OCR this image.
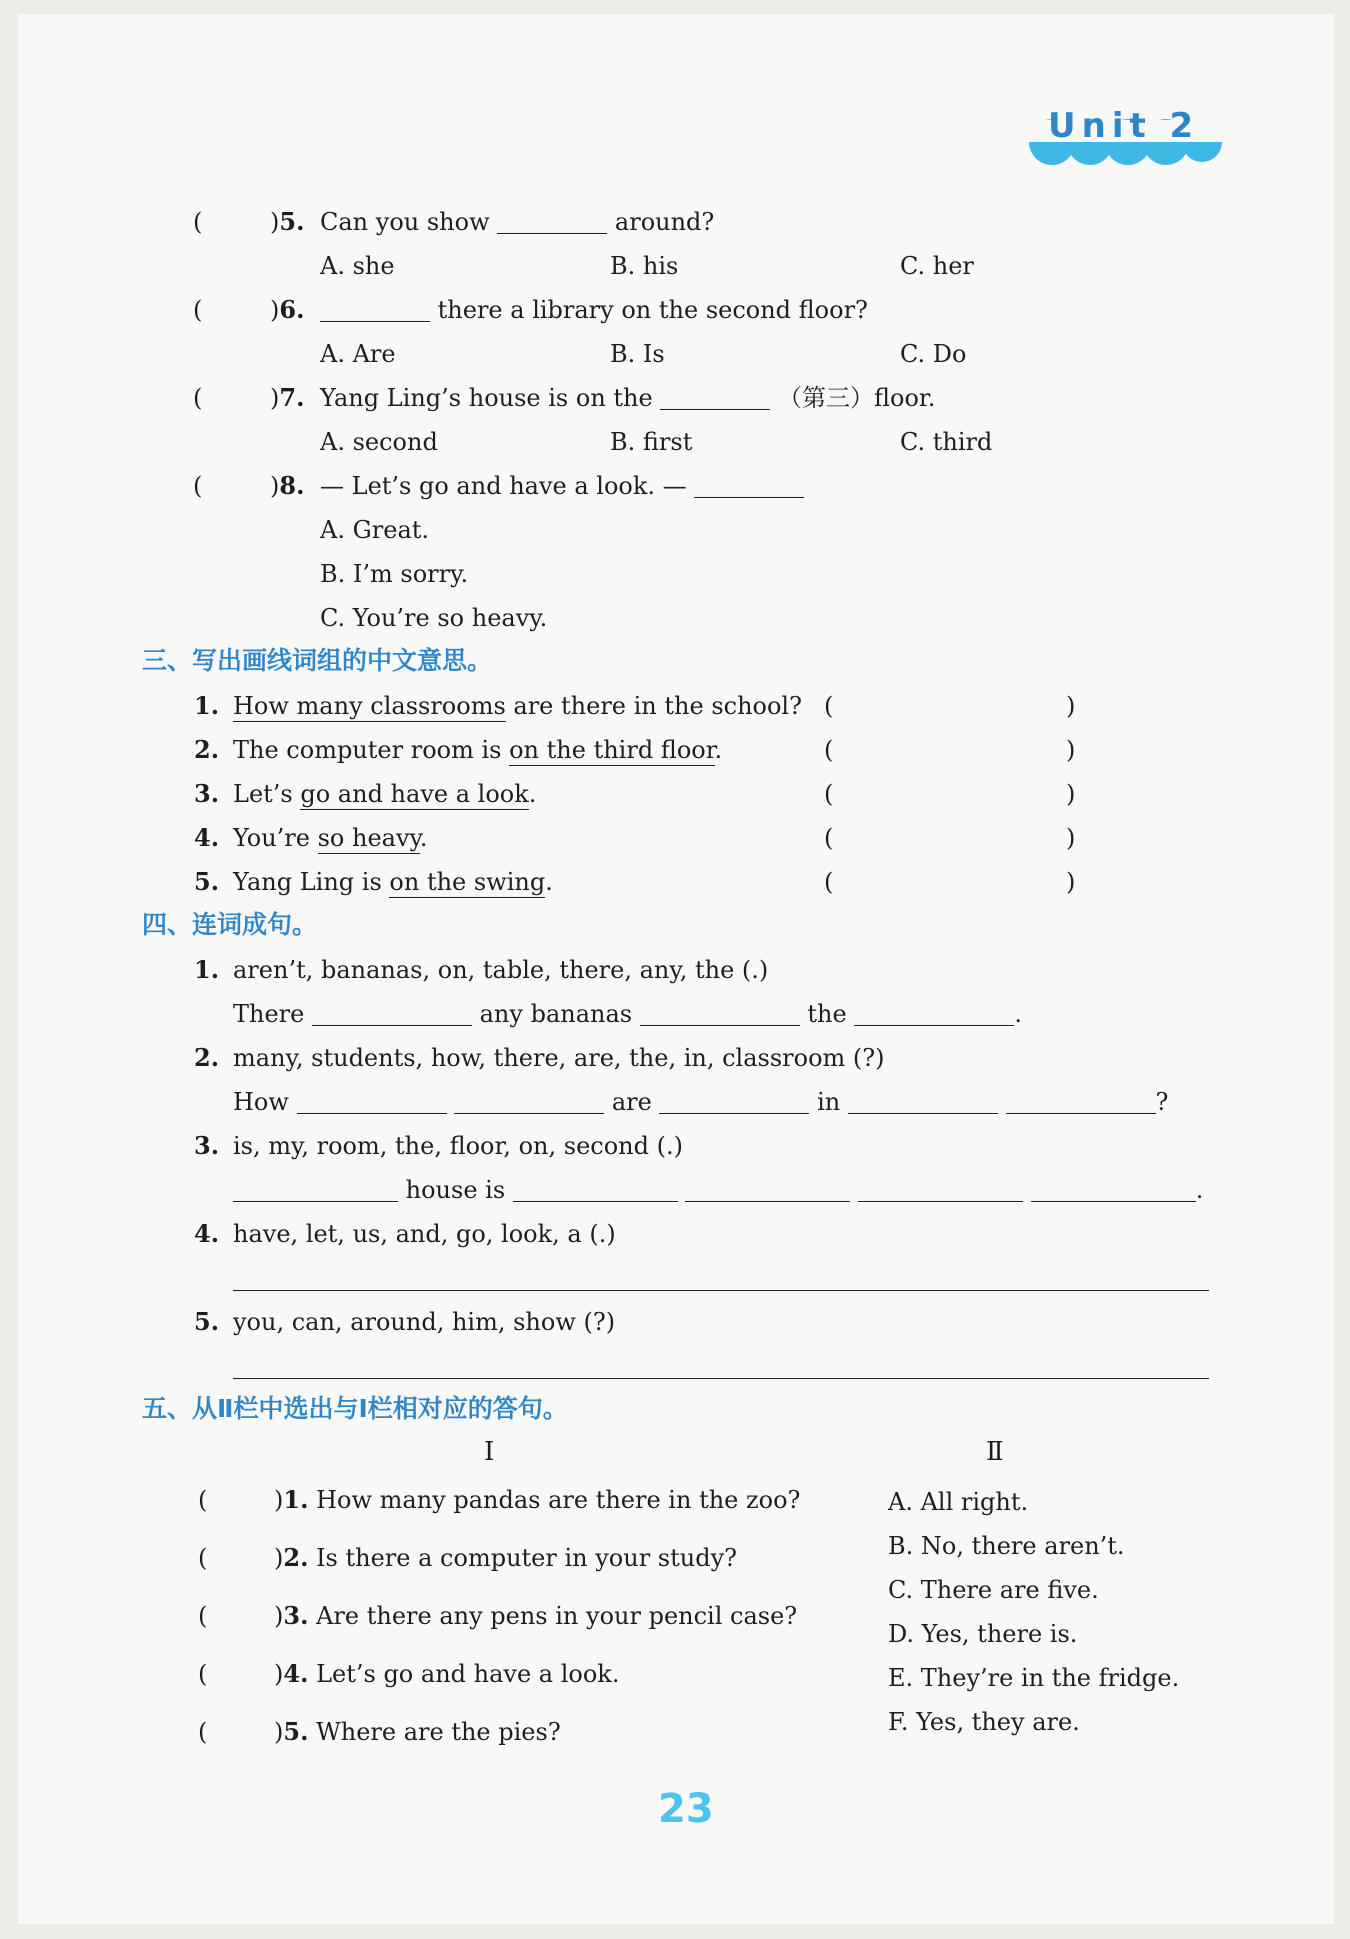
Unit 2
(	)5. Can you show	around?
A. she	B. his	C. her
(	)6.	there a library on the second floor?
A. Are	B. Is	C. Do
(	)7. Yang Ling’s house is on the	（第三）floor.
A. second	B. first	C. third
(	)8. — Let’s go and have a look. —
A. Great.
B. I’m sorry.
C. You’re so heavy.
三、写出画线词组的中文意思。
1. How many classrooms are there in the school? (	)
2. The computer room is on the third floor.	(	)
3. Let’s go and have a look.	(	)
4. You’re so heavy.	(	)
5. Yang Ling is on the swing.	(	)
四、连词成句。
1. aren’t, bananas, on, table, there, any, the (.)
There	any bananas	the	.
2. many, students, how, there, are, the, in, classroom (?)
How	are	in	?
3. is, my, room, the, floor, on, second (.)
house is	.
4. have, let, us, and, go, look, a (.)
5. you, can, around, him, show (?)
五、从Ⅱ栏中选出与Ⅰ栏相对应的答句。
Ⅰ	Ⅱ
(	)1. How many pandas are there in the zoo?
(	)2. Is there a computer in your study?
(	)3. Are there any pens in your pencil case?
(	)4. Let’s go and have a look.
(	)5. Where are the pies?
A. All right.
B. No, there aren’t.
C. There are five.
D. Yes, there is.
E. They’re in the fridge.
F. Yes, they are.
23
